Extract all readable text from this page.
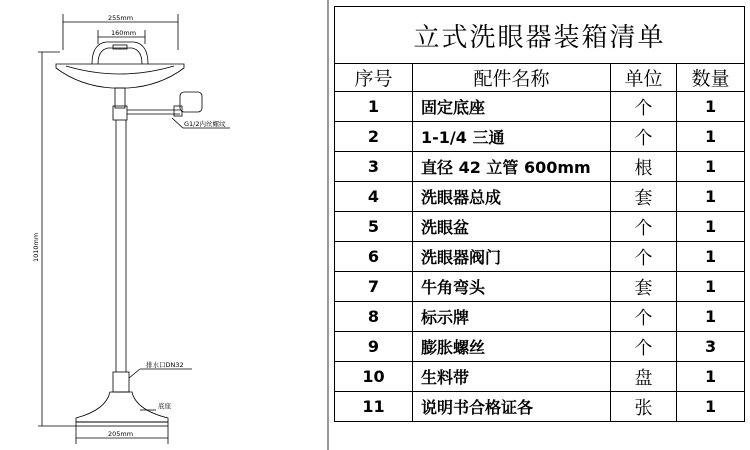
255mm
160mm
G1/2内丝螺纹
排水口DN32
底座
205mm
1010mm
立式洗眼器装箱清单			
序号	配件名称	单位	数量
1	固定底座	个	1
2	1-1/4 三通	个	1
3	直径 42 立管 600mm	根	1
4	洗眼器总成	套	1
5	洗眼盆	个	1
6	洗眼器阀门	个	1
7	牛角弯头	套	1
8	标示牌	个	1
9	膨胀螺丝	个	3
10	生料带	盘	1
11	说明书合格证各	张	1
